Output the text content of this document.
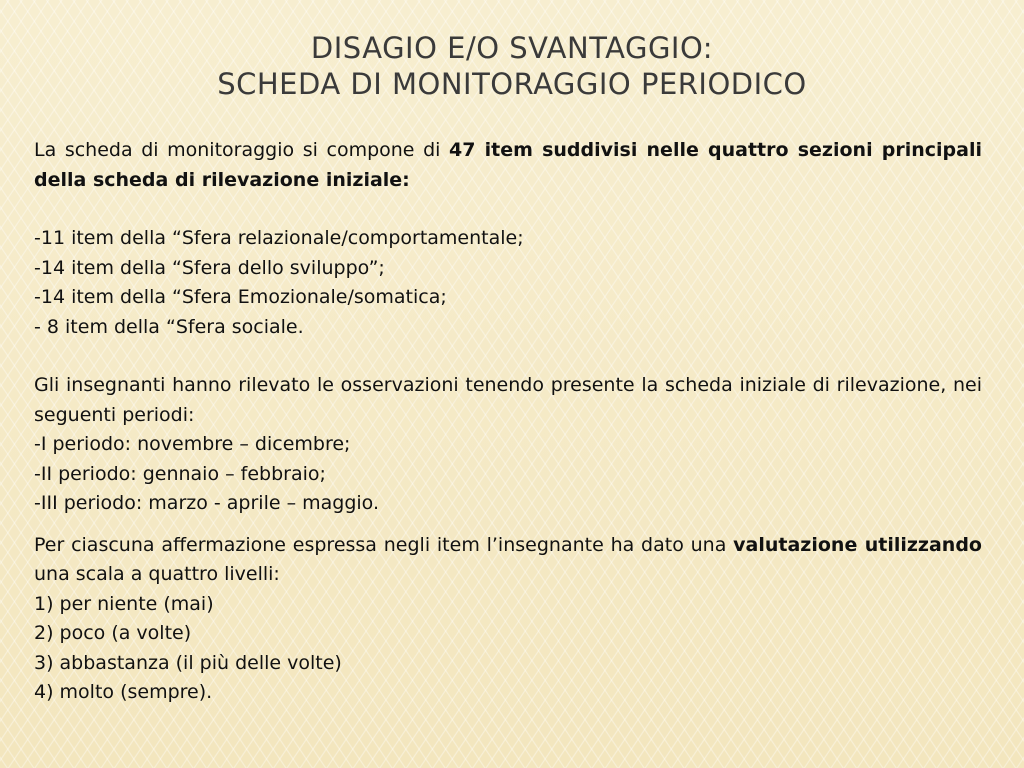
DISAGIO E/O SVANTAGGIO:
SCHEDA DI MONITORAGGIO PERIODICO

La scheda di monitoraggio si compone di 47 item suddivisi nelle quattro sezioni principali della scheda di rilevazione iniziale:

-11 item della “Sfera relazionale/comportamentale;
-14 item della “Sfera dello sviluppo”;
-14 item della “Sfera Emozionale/somatica;
- 8 item della “Sfera sociale.

Gli insegnanti hanno rilevato le osservazioni tenendo presente la scheda iniziale di rilevazione, nei seguenti periodi:

-I periodo: novembre – dicembre;
-II periodo: gennaio – febbraio;
-III periodo: marzo - aprile – maggio.

Per ciascuna affermazione espressa negli item l’insegnante ha dato una valutazione utilizzando una scala a quattro livelli:

1) per niente (mai)
2) poco (a volte)
3) abbastanza (il più delle volte)
4) molto (sempre).
